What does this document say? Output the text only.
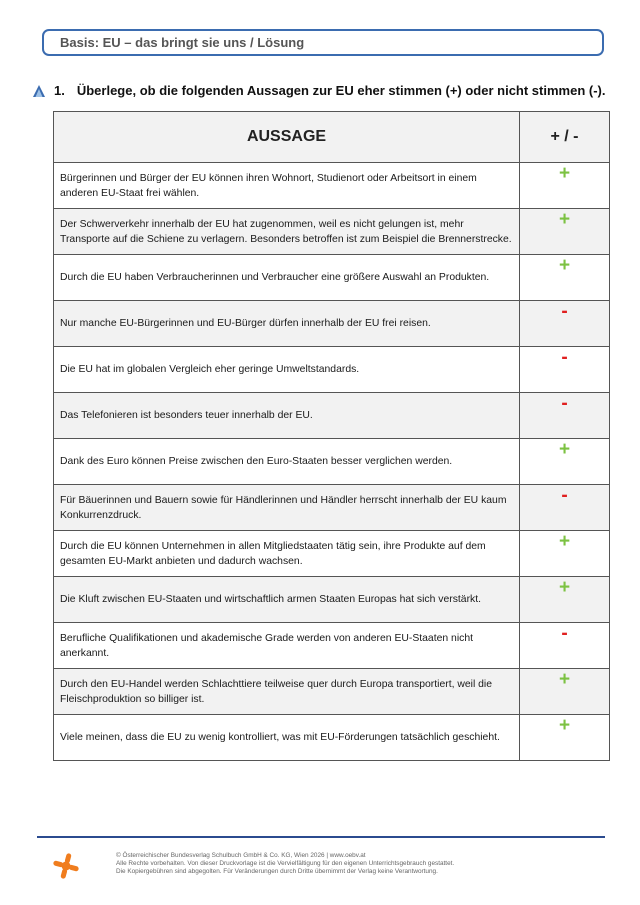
Basis: EU – das bringt sie uns / Lösung
1. Überlege, ob die folgenden Aussagen zur EU eher stimmen (+) oder nicht stimmen (-).
AUSSAGE	+ / -
Bürgerinnen und Bürger der EU können ihren Wohnort, Studienort oder Arbeitsort in einem anderen EU-Staat frei wählen.	+
Der Schwerverkehr innerhalb der EU hat zugenommen, weil es nicht gelungen ist, mehr Transporte auf die Schiene zu verlagern. Besonders betroffen ist zum Beispiel die Brennerstrecke.	+
Durch die EU haben Verbraucherinnen und Verbraucher eine größere Auswahl an Produkten.	+
Nur manche EU-Bürgerinnen und EU-Bürger dürfen innerhalb der EU frei reisen.	-
Die EU hat im globalen Vergleich eher geringe Umweltstandards.	-
Das Telefonieren ist besonders teuer innerhalb der EU.	-
Dank des Euro können Preise zwischen den Euro-Staaten besser verglichen werden.	+
Für Bäuerinnen und Bauern sowie für Händlerinnen und Händler herrscht innerhalb der EU kaum Konkurrenzdruck.	-
Durch die EU können Unternehmen in allen Mitgliedstaaten tätig sein, ihre Produkte auf dem gesamten EU-Markt anbieten und dadurch wachsen.	+
Die Kluft zwischen EU-Staaten und wirtschaftlich armen Staaten Europas hat sich verstärkt.	+
Berufliche Qualifikationen und akademische Grade werden von anderen EU-Staaten nicht anerkannt.	-
Durch den EU-Handel werden Schlachttiere teilweise quer durch Europa transportiert, weil die Fleischproduktion so billiger ist.	+
Viele meinen, dass die EU zu wenig kontrolliert, was mit EU-Förderungen tatsächlich geschieht.	+
© Österreichischer Bundesverlag Schulbuch GmbH & Co. KG, Wien 2026 | www.oebv.at
Alle Rechte vorbehalten. Von dieser Druckvorlage ist die Vervielfältigung für den eigenen Unterrichtsgebrauch gestattet.
Die Kopiergebühren sind abgegolten. Für Veränderungen durch Dritte übernimmt der Verlag keine Verantwortung.
